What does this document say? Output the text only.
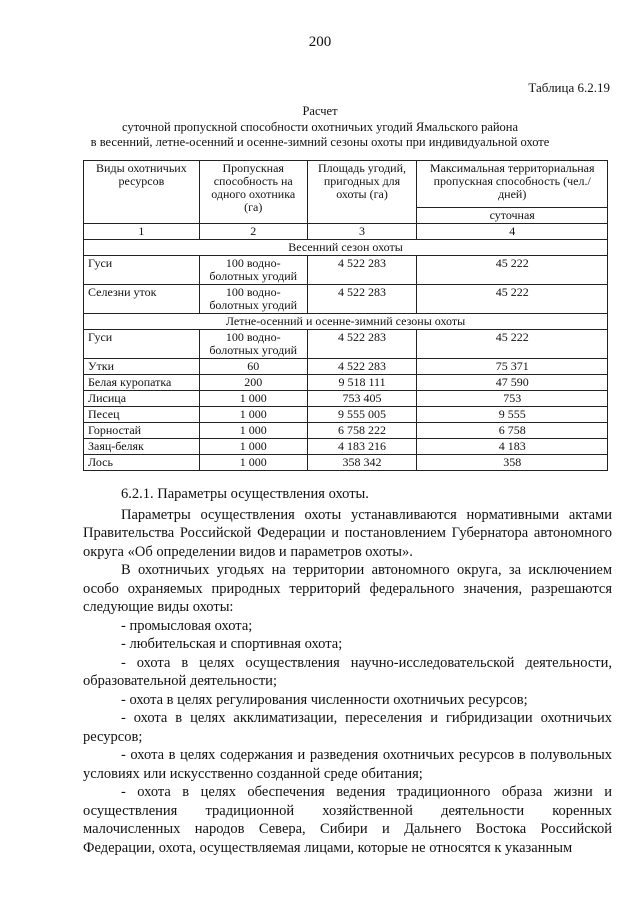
200
Таблица 6.2.19
Расчет
суточной пропускной способности охотничьих угодий Ямальского района
в весенний, летне-осенний и осенне-зимний сезоны охоты при индивидуальной охоте
Виды охотничьих ресурсов	Пропускная способность на одного охотника (га)	Площадь угодий, пригодных для охоты (га)	Максимальная территориальная пропускная способность (чел./дней)
			суточная
1	2	3	4
Весенний сезон охоты			
Гуси	100 водно-болотных угодий	4 522 283	45 222
Селезни уток	100 водно-болотных угодий	4 522 283	45 222
Летне-осенний и осенне-зимний сезоны охоты			
Гуси	100 водно-болотных угодий	4 522 283	45 222
Утки	60	4 522 283	75 371
Белая куропатка	200	9 518 111	47 590
Лисица	1 000	753 405	753
Песец	1 000	9 555 005	9 555
Горностай	1 000	6 758 222	6 758
Заяц-беляк	1 000	4 183 216	4 183
Лось	1 000	358 342	358

6.2.1. Параметры осуществления охоты.

Параметры осуществления охоты устанавливаются нормативными актами Правительства Российской Федерации и постановлением Губернатора автономного округа «Об определении видов и параметров охоты».

В охотничьих угодьях на территории автономного округа, за исключением особо охраняемых природных территорий федерального значения, разрешаются следующие виды охоты:

- промысловая охота;

- любительская и спортивная охота;

- охота в целях осуществления научно-исследовательской деятельности, образовательной деятельности;

- охота в целях регулирования численности охотничьих ресурсов;

- охота в целях акклиматизации, переселения и гибридизации охотничьих ресурсов;

- охота в целях содержания и разведения охотничьих ресурсов в полувольных условиях или искусственно созданной среде обитания;

- охота в целях обеспечения ведения традиционного образа жизни и осуществления традиционной хозяйственной деятельности коренных малочисленных народов Севера, Сибири и Дальнего Востока Российской Федерации, охота, осуществляемая лицами, которые не относятся к указанным
